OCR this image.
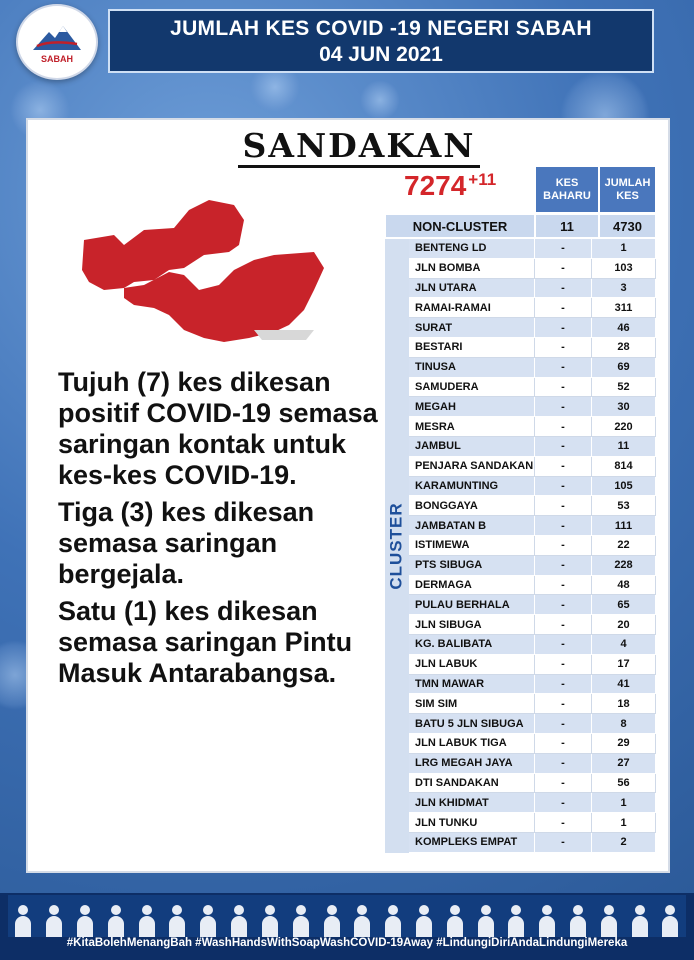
SABAH
JUMLAH KES COVID -19 NEGERI SABAH
04 JUN 2021
SANDAKAN
7274 $^{+11}$

Tujuh (7) kes dikesan positif COVID-19 semasa saringan kontak untuk kes-kes COVID-19.

Tiga (3) kes dikesan semasa saringan bergejala.

Satu (1) kes dikesan semasa saringan Pintu Masuk Antarabangsa.

KES BAHARU
JUMLAH KES
NON-CLUSTER	11	4730
CLUSTER
BENTENG LD	-	1
JLN BOMBA	-	103
JLN UTARA	-	3
RAMAI-RAMAI	-	311
SURAT	-	46
BESTARI	-	28
TINUSA	-	69
SAMUDERA	-	52
MEGAH	-	30
MESRA	-	220
JAMBUL	-	11
PENJARA SANDAKAN	-	814
KARAMUNTING	-	105
BONGGAYA	-	53
JAMBATAN B	-	111
ISTIMEWA	-	22
PTS SIBUGA	-	228
DERMAGA	-	48
PULAU BERHALA	-	65
JLN SIBUGA	-	20
KG. BALIBATA	-	4
JLN LABUK	-	17
TMN MAWAR	-	41
SIM SIM	-	18
BATU 5 JLN SIBUGA	-	8
JLN LABUK TIGA	-	29
LRG MEGAH JAYA	-	27
DTI SANDAKAN	-	56
JLN KHIDMAT	-	1
JLN TUNKU	-	1
KOMPLEKS EMPAT	-	2
#KitaBolehMenangBah #WashHandsWithSoapWashCOVID-19Away #LindungiDiriAndaLindungiMereka
